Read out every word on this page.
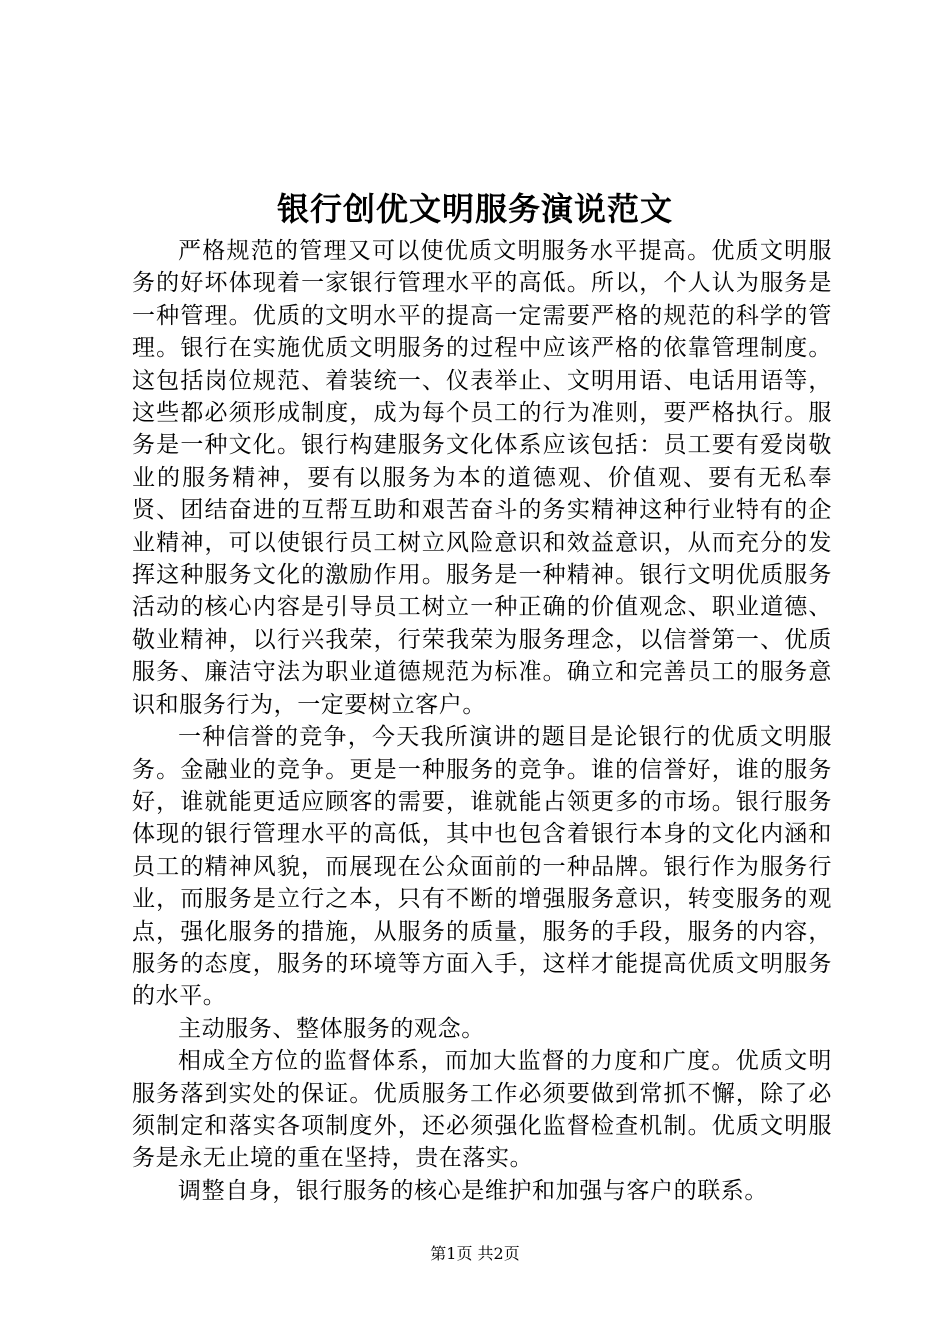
银行创优文明服务演说范文

严格规范的管理又可以使优质文明服务水平提高。优质文明服务的好坏体现着一家银行管理水平的高低。所以，个人认为服务是一种管理。优质的文明水平的提高一定需要严格的规范的科学的管理。银行在实施优质文明服务的过程中应该严格的依靠管理制度。这包括岗位规范、着装统一、仪表举止、文明用语、电话用语等，这些都必须形成制度，成为每个员工的行为准则，要严格执行。服务是一种文化。银行构建服务文化体系应该包括：员工要有爱岗敬业的服务精神，要有以服务为本的道德观、价值观、要有无私奉贤、团结奋进的互帮互助和艰苦奋斗的务实精神这种行业特有的企业精神，可以使银行员工树立风险意识和效益意识，从而充分的发挥这种服务文化的激励作用。服务是一种精神。银行文明优质服务活动的核心内容是引导员工树立一种正确的价值观念、职业道德、敬业精神，以行兴我荣，行荣我荣为服务理念，以信誉第一、优质服务、廉洁守法为职业道德规范为标准。确立和完善员工的服务意识和服务行为，一定要树立客户。

一种信誉的竞争，今天我所演讲的题目是论银行的优质文明服务。金融业的竞争。更是一种服务的竞争。谁的信誉好，谁的服务好，谁就能更适应顾客的需要，谁就能占领更多的市场。银行服务体现的银行管理水平的高低，其中也包含着银行本身的文化内涵和员工的精神风貌，而展现在公众面前的一种品牌。银行作为服务行业，而服务是立行之本，只有不断的增强服务意识，转变服务的观点，强化服务的措施，从服务的质量，服务的手段，服务的内容，服务的态度，服务的环境等方面入手，这样才能提高优质文明服务的水平。

主动服务、整体服务的观念。

相成全方位的监督体系，而加大监督的力度和广度。优质文明服务落到实处的保证。优质服务工作必须要做到常抓不懈，除了必须制定和落实各项制度外，还必须强化监督检查机制。优质文明服务是永无止境的重在坚持，贵在落实。

调整自身，银行服务的核心是维护和加强与客户的联系。

第1页 共2页
